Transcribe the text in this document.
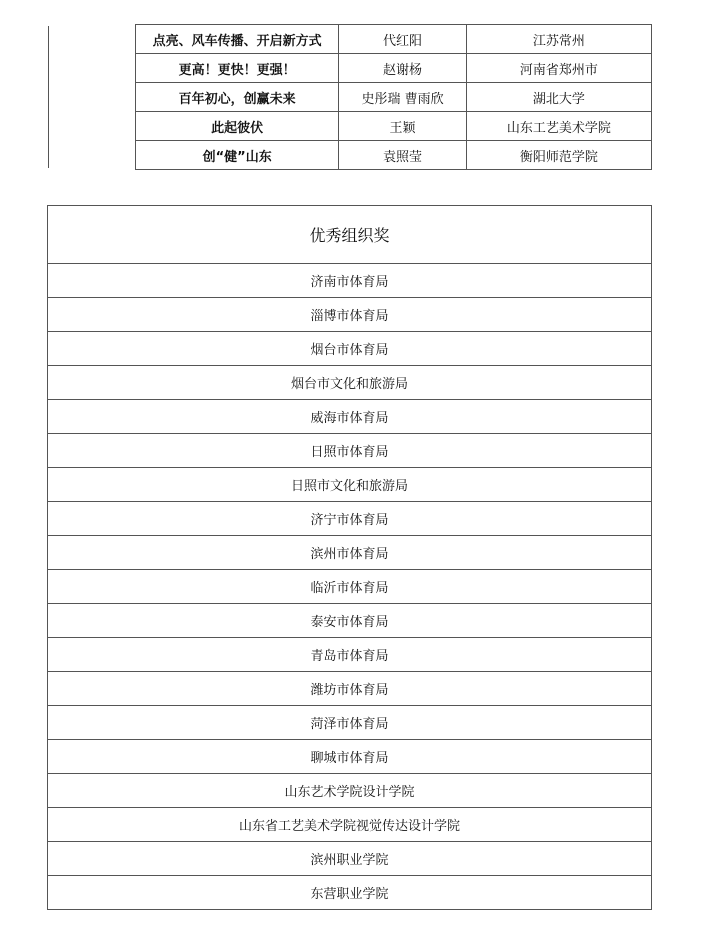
点亮、风车传播、开启新方式	代红阳	江苏常州
更高！更快！更强！	赵谢杨	河南省郑州市
百年初心，创赢未来	史彤瑞 曹雨欣	湖北大学
此起彼伏	王颖	山东工艺美术学院
创“健”山东	袁照莹	衡阳师范学院
优秀组织奖
济南市体育局
淄博市体育局
烟台市体育局
烟台市文化和旅游局
威海市体育局
日照市体育局
日照市文化和旅游局
济宁市体育局
滨州市体育局
临沂市体育局
泰安市体育局
青岛市体育局
潍坊市体育局
菏泽市体育局
聊城市体育局
山东艺术学院设计学院
山东省工艺美术学院视觉传达设计学院
滨州职业学院
东营职业学院
